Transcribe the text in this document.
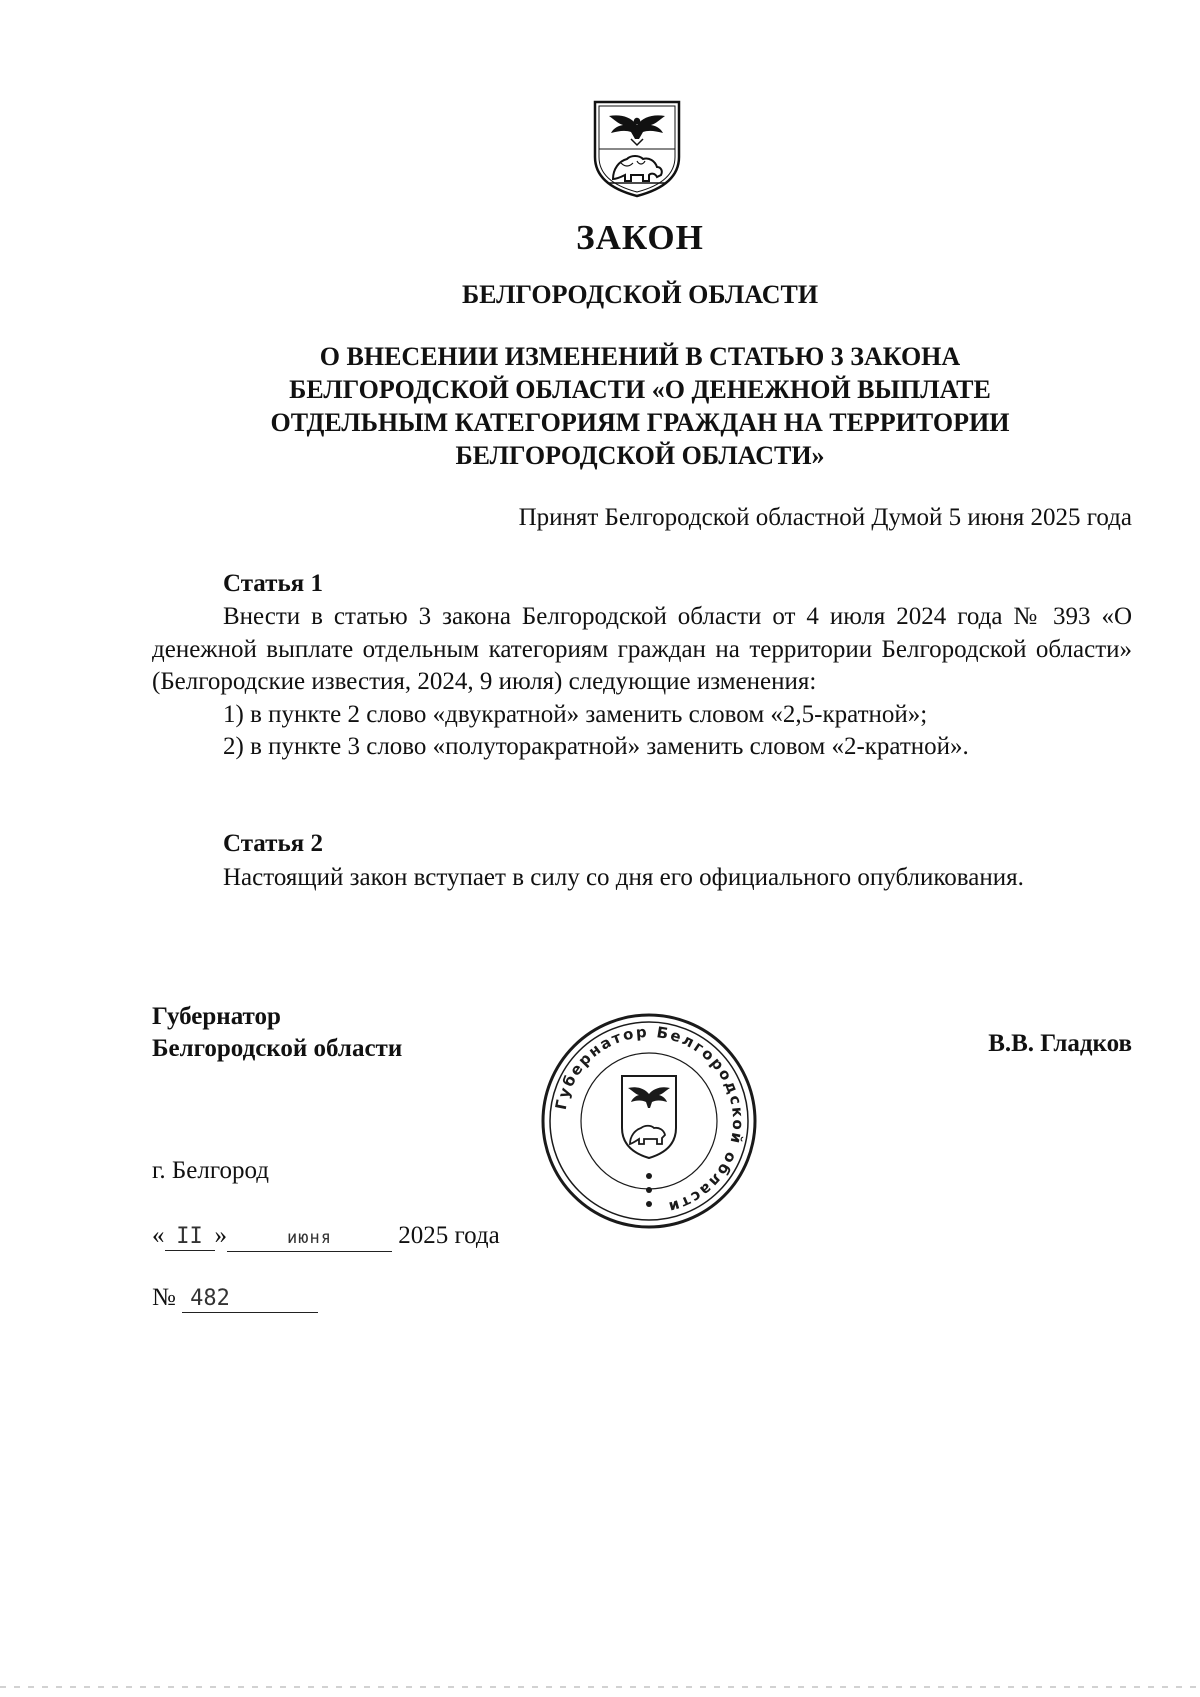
ЗАКОН
БЕЛГОРОДСКОЙ ОБЛАСТИ
О ВНЕСЕНИИ ИЗМЕНЕНИЙ В СТАТЬЮ 3 ЗАКОНА
БЕЛГОРОДСКОЙ ОБЛАСТИ «О ДЕНЕЖНОЙ ВЫПЛАТЕ
ОТДЕЛЬНЫМ КАТЕГОРИЯМ ГРАЖДАН НА ТЕРРИТОРИИ
БЕЛГОРОДСКОЙ ОБЛАСТИ»
Принят Белгородской областной Думой 5 июня 2025 года
Статья 1
Внести в статью 3 закона Белгородской области от 4 июля 2024 года № 393 «О денежной выплате отдельным категориям граждан на территории Белгородской области» (Белгородские известия, 2024, 9 июля) следующие изменения:
1) в пункте 2 слово «двукратной» заменить словом «2,5-кратной»;
2) в пункте 3 слово «полуторакратной» заменить словом «2-кратной».
Статья 2
Настоящий закон вступает в силу со дня его официального опубликования.
Губернатор
Белгородской области
Губернатор Белгородской области
В.В. Гладков
г. Белгород
« II »	июня	2025 года
№ 482
